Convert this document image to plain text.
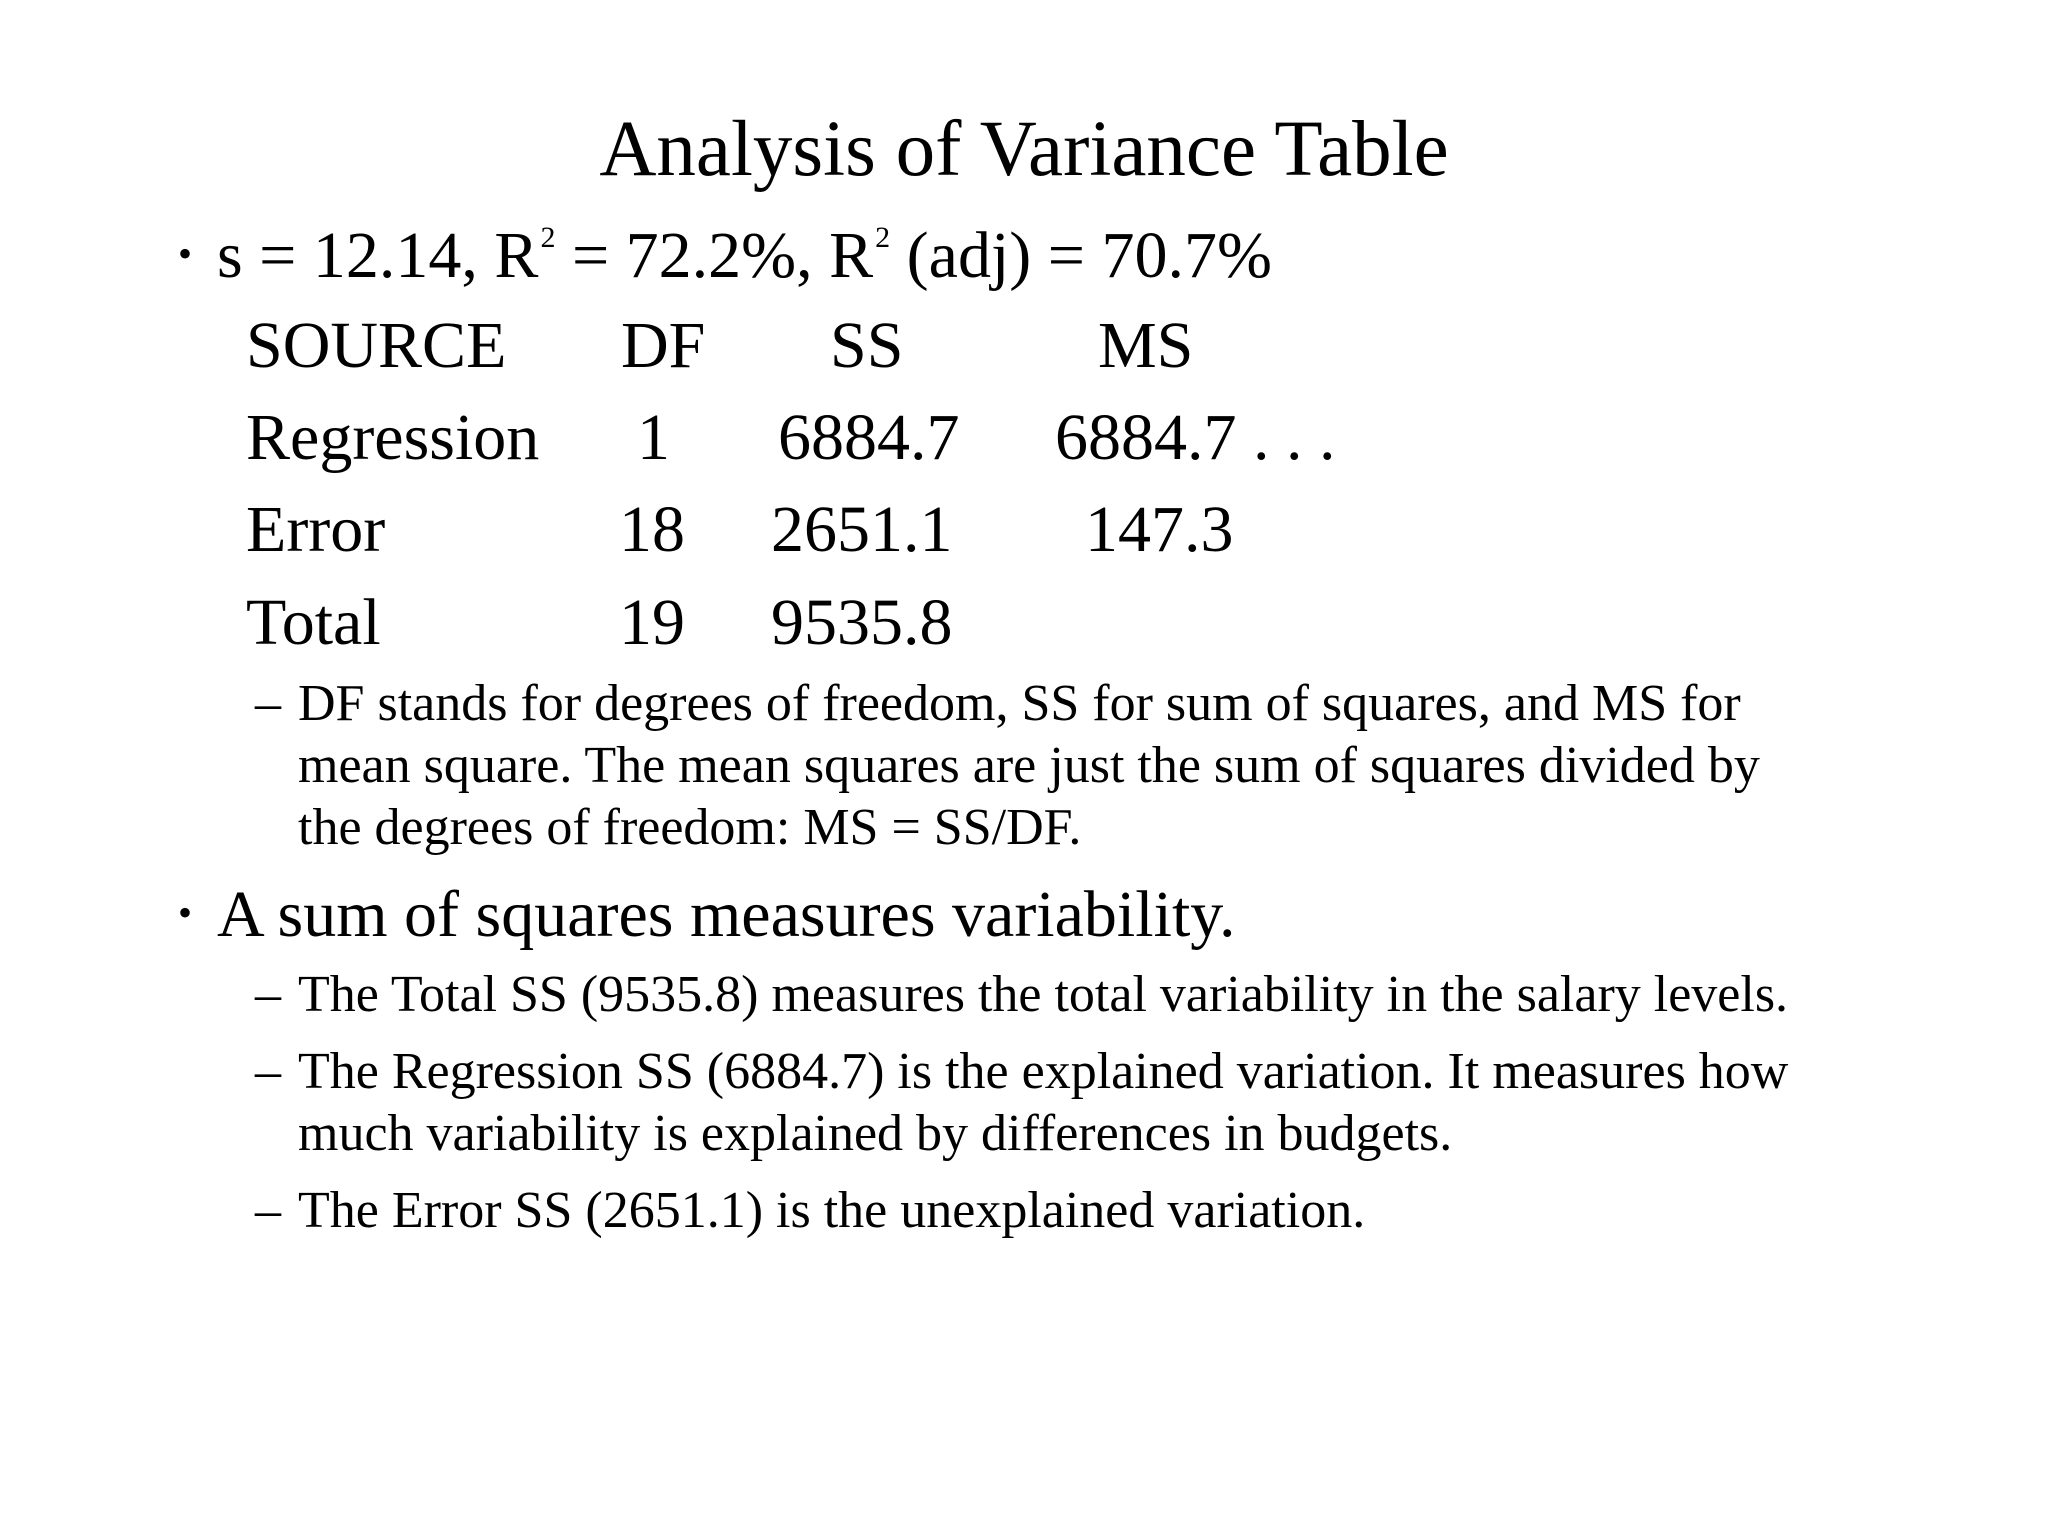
Analysis of Variance Table
• s = 12.14, $R^2 = 72.2\%$, $R^2$ (adj) = 70.7%
SOURCE DF SS	MS
Regression 1 6884.7 6884.7 . . .
Error	18 2651.1 147.3
Total	19 9535.8
– DF stands for degrees of freedom, SS for sum of squares, and MS for
mean square. The mean squares are just the sum of squares divided by
the degrees of freedom: MS = SS/DF.
• A sum of squares measures variability.
– The Total SS (9535.8) measures the total variability in the salary levels.
– The Regression SS (6884.7) is the explained variation. It measures how
much variability is explained by differences in budgets.
– The Error SS (2651.1) is the unexplained variation.
